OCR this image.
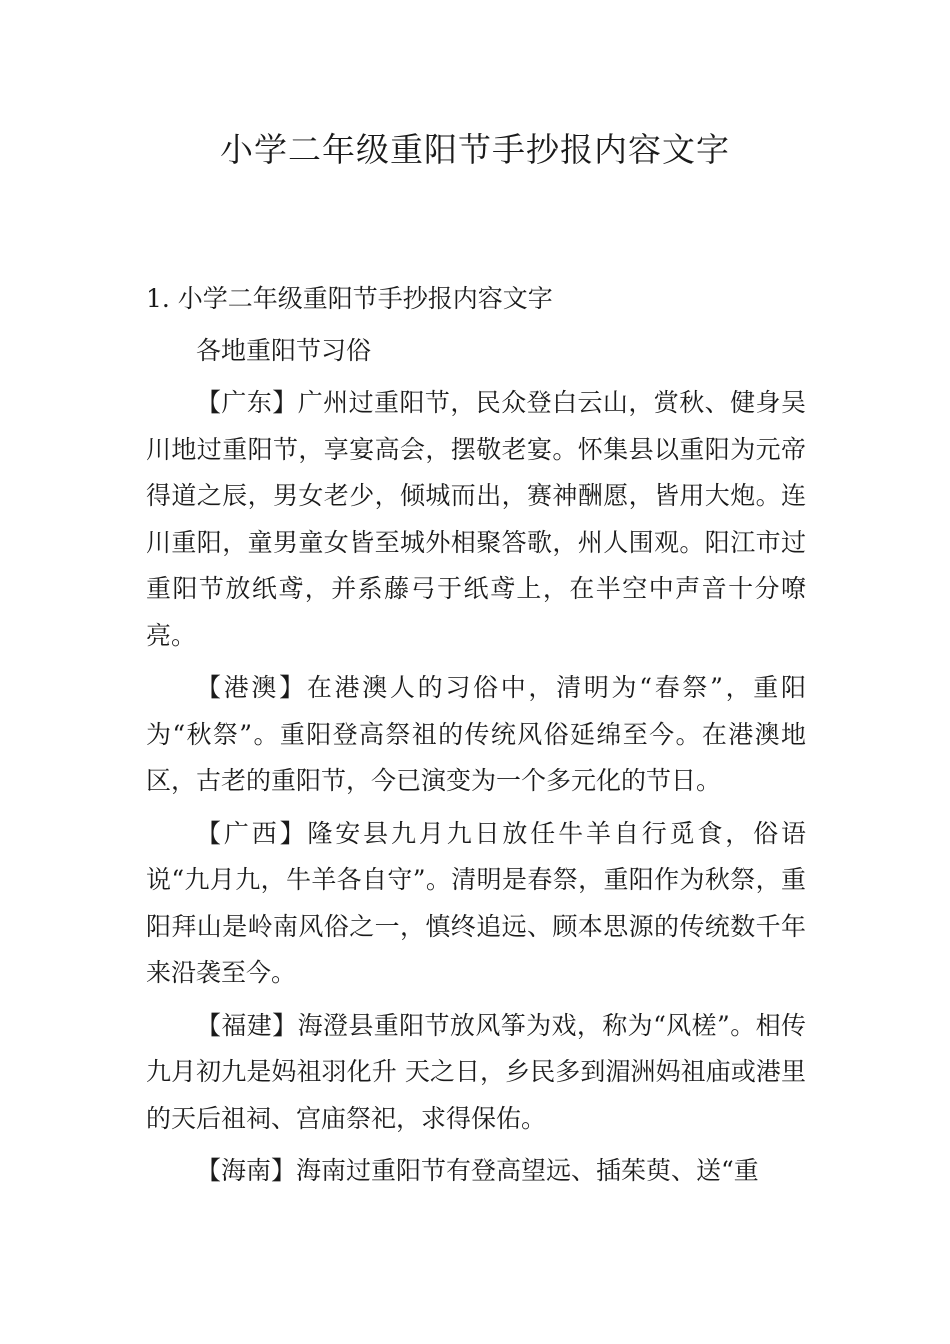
小学二年级重阳节手抄报内容文字

1. 小学二年级重阳节手抄报内容文字

各地重阳节习俗

【广东】广州过重阳节，民众登白云山，赏秋、健身吴川地过重阳节，享宴高会，摆敬老宴。怀集县以重阳为元帝得道之辰，男女老少，倾城而出，赛神酬愿，皆用大炮。连川重阳，童男童女皆至城外相聚答歌，州人围观。阳江市过重阳节放纸鸢，并系藤弓于纸鸢上，在半空中声音十分嘹亮。

【港澳】在港澳人的习俗中，清明为“春祭”，重阳为“秋祭”。重阳登高祭祖的传统风俗延绵至今。在港澳地区，古老的重阳节，今已演变为一个多元化的节日。

【广西】隆安县九月九日放任牛羊自行觅食，俗语说“九月九，牛羊各自守”。清明是春祭，重阳作为秋祭，重阳拜山是岭南风俗之一，慎终追远、顾本思源的传统数千年来沿袭至今。

【福建】海澄县重阳节放风筝为戏，称为“风槎”。相传九月初九是妈祖羽化升 天之日，乡民多到湄洲妈祖庙或港里的天后祖祠、宫庙祭祀，求得保佑。

【海南】海南过重阳节有登高望远、插茱萸、送“重
